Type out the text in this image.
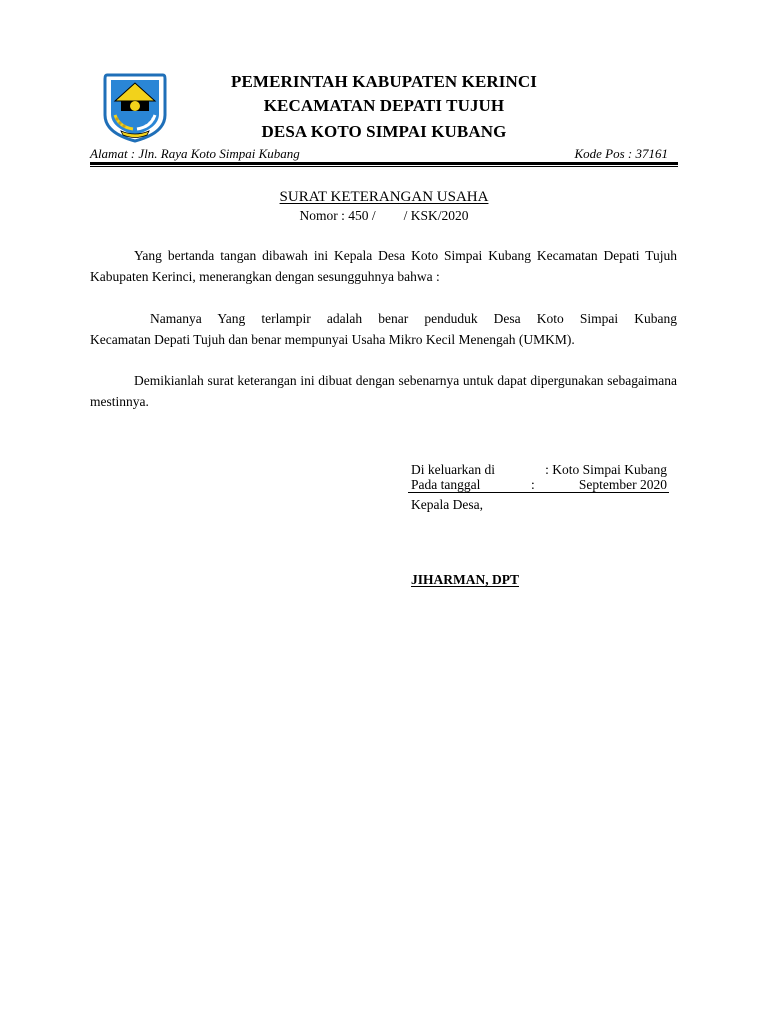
PEMERINTAH KABUPATEN KERINCI
KECAMATAN DEPATI TUJUH
DESA KOTO SIMPAI KUBANG
Alamat : Jln. Raya Koto Simpai Kubang	Kode Pos : 37161
SURAT KETERANGAN USAHA
Nomor : 450 / / KSK/2020
Yang bertanda tangan dibawah ini Kepala Desa Koto Simpai Kubang Kecamatan Depati Tujuh Kabupaten Kerinci, menerangkan dengan sesungguhnya bahwa :
Namanya Yang terlampir adalah benar penduduk Desa Koto Simpai Kubang Kecamatan Depati Tujuh dan benar mempunyai Usaha Mikro Kecil Menengah (UMKM).
Demikianlah surat keterangan ini dibuat dengan sebenarnya untuk dapat dipergunakan sebagaimana mestinnya.
Di keluarkan di	: Koto Simpai Kubang
Pada tanggal	:	September 2020
Kepala Desa,
JIHARMAN, DPT
